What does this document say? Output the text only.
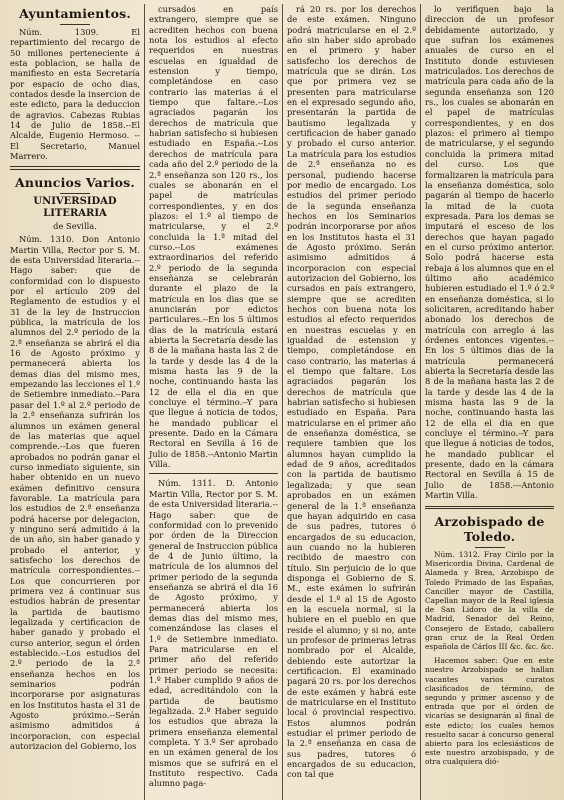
Ayuntamientos.

Núm. 1309. El repartimiento del recargo de 50 millones perteneciente á esta poblacion, se halla de manifiesto en esta Secretaría por espacio de ocho dias, contados desde la insercion de este edicto, para la deduccion de agravios. Cabezas Rubias 14 de Julio de 1858.--El Alcalde, Eugenio Hermoso. --El Secretario, Manuel Marrero.

Anuncios Varios.
UNIVERSIDAD LITERARIA
de Sevilla.

Núm. 1310. Don Antonio Martin Villa, Rector por S. M. de esta Universidad literaria.--Hago saber: que de conformidad con lo dispuesto por el artículo 209 del Reglamento de estudios y el 31 de la ley de Instruccion pública, la matrícula de los alumnos del 2.º periodo de la 2.ª enseñanza se abrirá el dia 16 de Agosto próximo y permanecerá abierta los demas dias del mismo mes, empezando las lecciones el 1.º de Setiembre inmediato.--Para pasar del 1.º al 2.º periodo de la 2.ª enseñanza sufrirán los alumnos un exámen general de las materias que aquel comprende.--Los que fueren aprobados no podrán ganar el curso inmediato siguiente, sin haber obtenido en un nuevo exámen definitivo censura favorable. La matrícula para los estudios de 2.ª enseñanza podrá hacerse por delegacion, y ninguno será admitido á la de un año, sin haber ganado y probado el anterior, y satisfecho los derechos de matrícula correspondientes.--Los que concurrieren por primera vez á continuar sus estudios habrán de presentar la partida de bautismo legalizada y certificacion de haber ganado y probado el curso anterior, segun el órden establecido.--Los estudios del 2.º periodo de la 2.ª enseñanza hechos en los seminarios podrán incorporarse por asignaturas en los Institutos hasta el 31 de Agosto próximo.--Serán asimismo admitidos á incorporacion, con especial autorizacion del Gobierno, los

cursados en país extrangero, siempre que se acrediten hechos con buena nota los estudios al efecto requeridos en nuestras escuelas en igualdad de estension y tiempo, completándose en caso contrario las materias á el tiempo que faltare.--Los agraciados pagarán los derechos de matrícula que habrian satisfecho si hubiesen estudiado en España.--Los derechos de matrícula para cada año del 2.º periodo de la 2.ª enseñanza son 120 rs., los cuales se abonarán en el papel de matrículas correspondientes, y en dos plazos: el 1.º al tiempo de matricularse, y el 2.º concluida la 1.ª mitad del curso.--Los exámenes extraordinarios del referido 2.º periodo de la segunda enseñanza se celebrarán durante el plazo de la matrícula en los dias que se anunciarán por edictos particulares.--En los 5 últimos dias de la matrícula estará abierta la Secretaría desde las 8 de la mañana hasta las 2 de la tarde y desde las 4 de la misma hasta las 9 de la noche, continuando hasta las 12 de ella el dia en que concluye el término.--Y para que llegue á noticia de todos, he mandado publicar el presente. Dado en la Cámara Rectoral en Sevilla á 16 de Julio de 1858.--Antonio Martin Villa.

Núm. 1311. D. Antonio Martin Villa, Rector por S. M. de esta Universidad literaria.--Hago saber: que de conformidad con lo prevenido por órden de la Direccion general de Instruccion pública de 4 de Junio último, la matrícula de los alumnos del primer periodo de la segunda enseñanza se abrirá el dia 16 de Agosto próximo, y permanecerá abierta los demas dias del mismo mes, comenzándose las clases el 1.º de Setiembre inmediato. Para matricularse en el primer año del referido primer periodo se necesita: 1.º Haber cumplido 9 años de edad, acreditándolo con la partida de bautismo legalizada. 2.º Haber seguido los estudios que abraza la primera enseñanza elemental completa. Y 3.º Ser aprobado en un exámen general de los mismos que se sufrirá en el Instituto respectivo. Cada alumno paga-

rá 20 rs. por los derechos de este exámen. Ninguno podrá matricularse en el 2.º año sin haber sido aprobado en el primero y haber satisfecho los derechos de matrícula que se dirán. Los que por primera vez se presenten para matricularse en el expresado segundo año, presentarán la partida de bautismo legalizada y certificacion de haber ganado y probado el curso anterior. La matrícula para los estudios de 2.ª enseñanza no es personal, pudiendo hacerse por medio de encargado. Los estudios del primer periodo de la segunda enseñanza hechos en los Seminarios podrán incorporarse por años en los Institutos hasta el 31 de Agosto próximo. Serán asimismo admitidos á incorporacion con especial autorizacion del Gobierno, los cursados en país extrangero, siempre que se acrediten hechos con buena nota los estudios al efecto requeridos en nuestras escuelas y en igualdad de estension y tiempo, completándose en caso contrario, las materias á el tiempo que faltare. Los agraciados pagarán los derechos de matrícula que habrian satisfecho si hubiesen estudiado en España. Para matricularse en el primer año de enseñanza doméstica, se requiere tambien que los alumnos hayan cumplido la edad de 9 años, acreditados con la partida de bautismo legalizada; y que sean aprobados en un exámen general de la 1.ª enseñanza que hayan adquirido en casa de sus padres, tutores ó encargados de su educacion, aun cuando no la hubieren recibido de maestro con título. Sin perjuicio de lo que disponga el Gobierno de S. M., este exámen lo sufrirán desde el 1.º al 15 de Agosto en la escuela normal, si la hubiere en el pueblo en que reside el alumno; y si no, ante un profesor de primeras letras nombrado por el Alcalde, debiendo este autorizar la certificacion. El examinado pagará 20 rs. por los derechos de este exámen y habrá este de matricularse en el Instituto local ó provincial respectivo. Estos alumnos podrán estudiar el primer periodo de la 2.ª enseñanza en casa de sus padres, tutores ó encargados de su educacion, con tal que

lo verifiquen bajo la direccion de un profesor debidamente autorizado, y que sufran los exámenes anuales de curso en el Instituto donde estuviesen matriculados. Los derechos de matrícula para cada año de la segunda enseñanza son 120 rs., los cuales se abonarán en el papel de matrículas correspondientes, y en dos plazos: el primero al tiempo de matricularse, y el segundo concluida la primera mitad del curso. Los que formalizaren la matrícula para la enseñanza doméstica, solo pagarán al tiempo de hacerlo la mitad de la cuota expresada. Para los demas se imputará el esceso de los derechos que hayan pagado en el curso próximo anterior. Solo podrá hacerse esta rebaja á los alumnos que en el último año académico hubieren estudiado el 1.º ó 2.º en enseñanza doméstica, si lo solicitaren, acreditando haber abonado los derechos de matrícula con arreglo á las órdenes entonces vigentes.--En los 5 últimos dias de la matrícula permanecerá abierta la Secretaría desde las 8 de la mañana hasta las 2 de la tarde y desde las 4 de la misma hasta las 9 de la noche, continuando hasta las 12 de ella el dia en que concluye el término.--Y para que llegue á noticias de todos, he mandado publicar el presente, dado en la cámara Rectoral en Sevilla á 15 de Julio de 1858.---Antonio Martin Villa.

Arzobispado de Toledo.

Núm. 1312. Fray Cirilo por la Misericordia Divina, Cardenal de Alameda y Brea, Arzobispo de Toledo Primado de las Españas, Canciller mayor de Castilla, Capellan mayor de la Real iglesia de San Lidoro de la villa de Madrid, Senador del Reino, Consejero de Estado, caballero gran cruz de la Real Orden española de Cárlos III &c. &c. &c.

Hacemos saber: Que en este nuestro Arzobispado se hallan vacantes varios curatos clasificados de término, de segundo y primer ascenso y de entrada que por el órden de vicarías se designarán al final de este edicto; los cuales hemos resuelto sacar á concurso general abierto para los eclesiásticos de este nuestro arzobispado, y de otra cualquiera dió-
